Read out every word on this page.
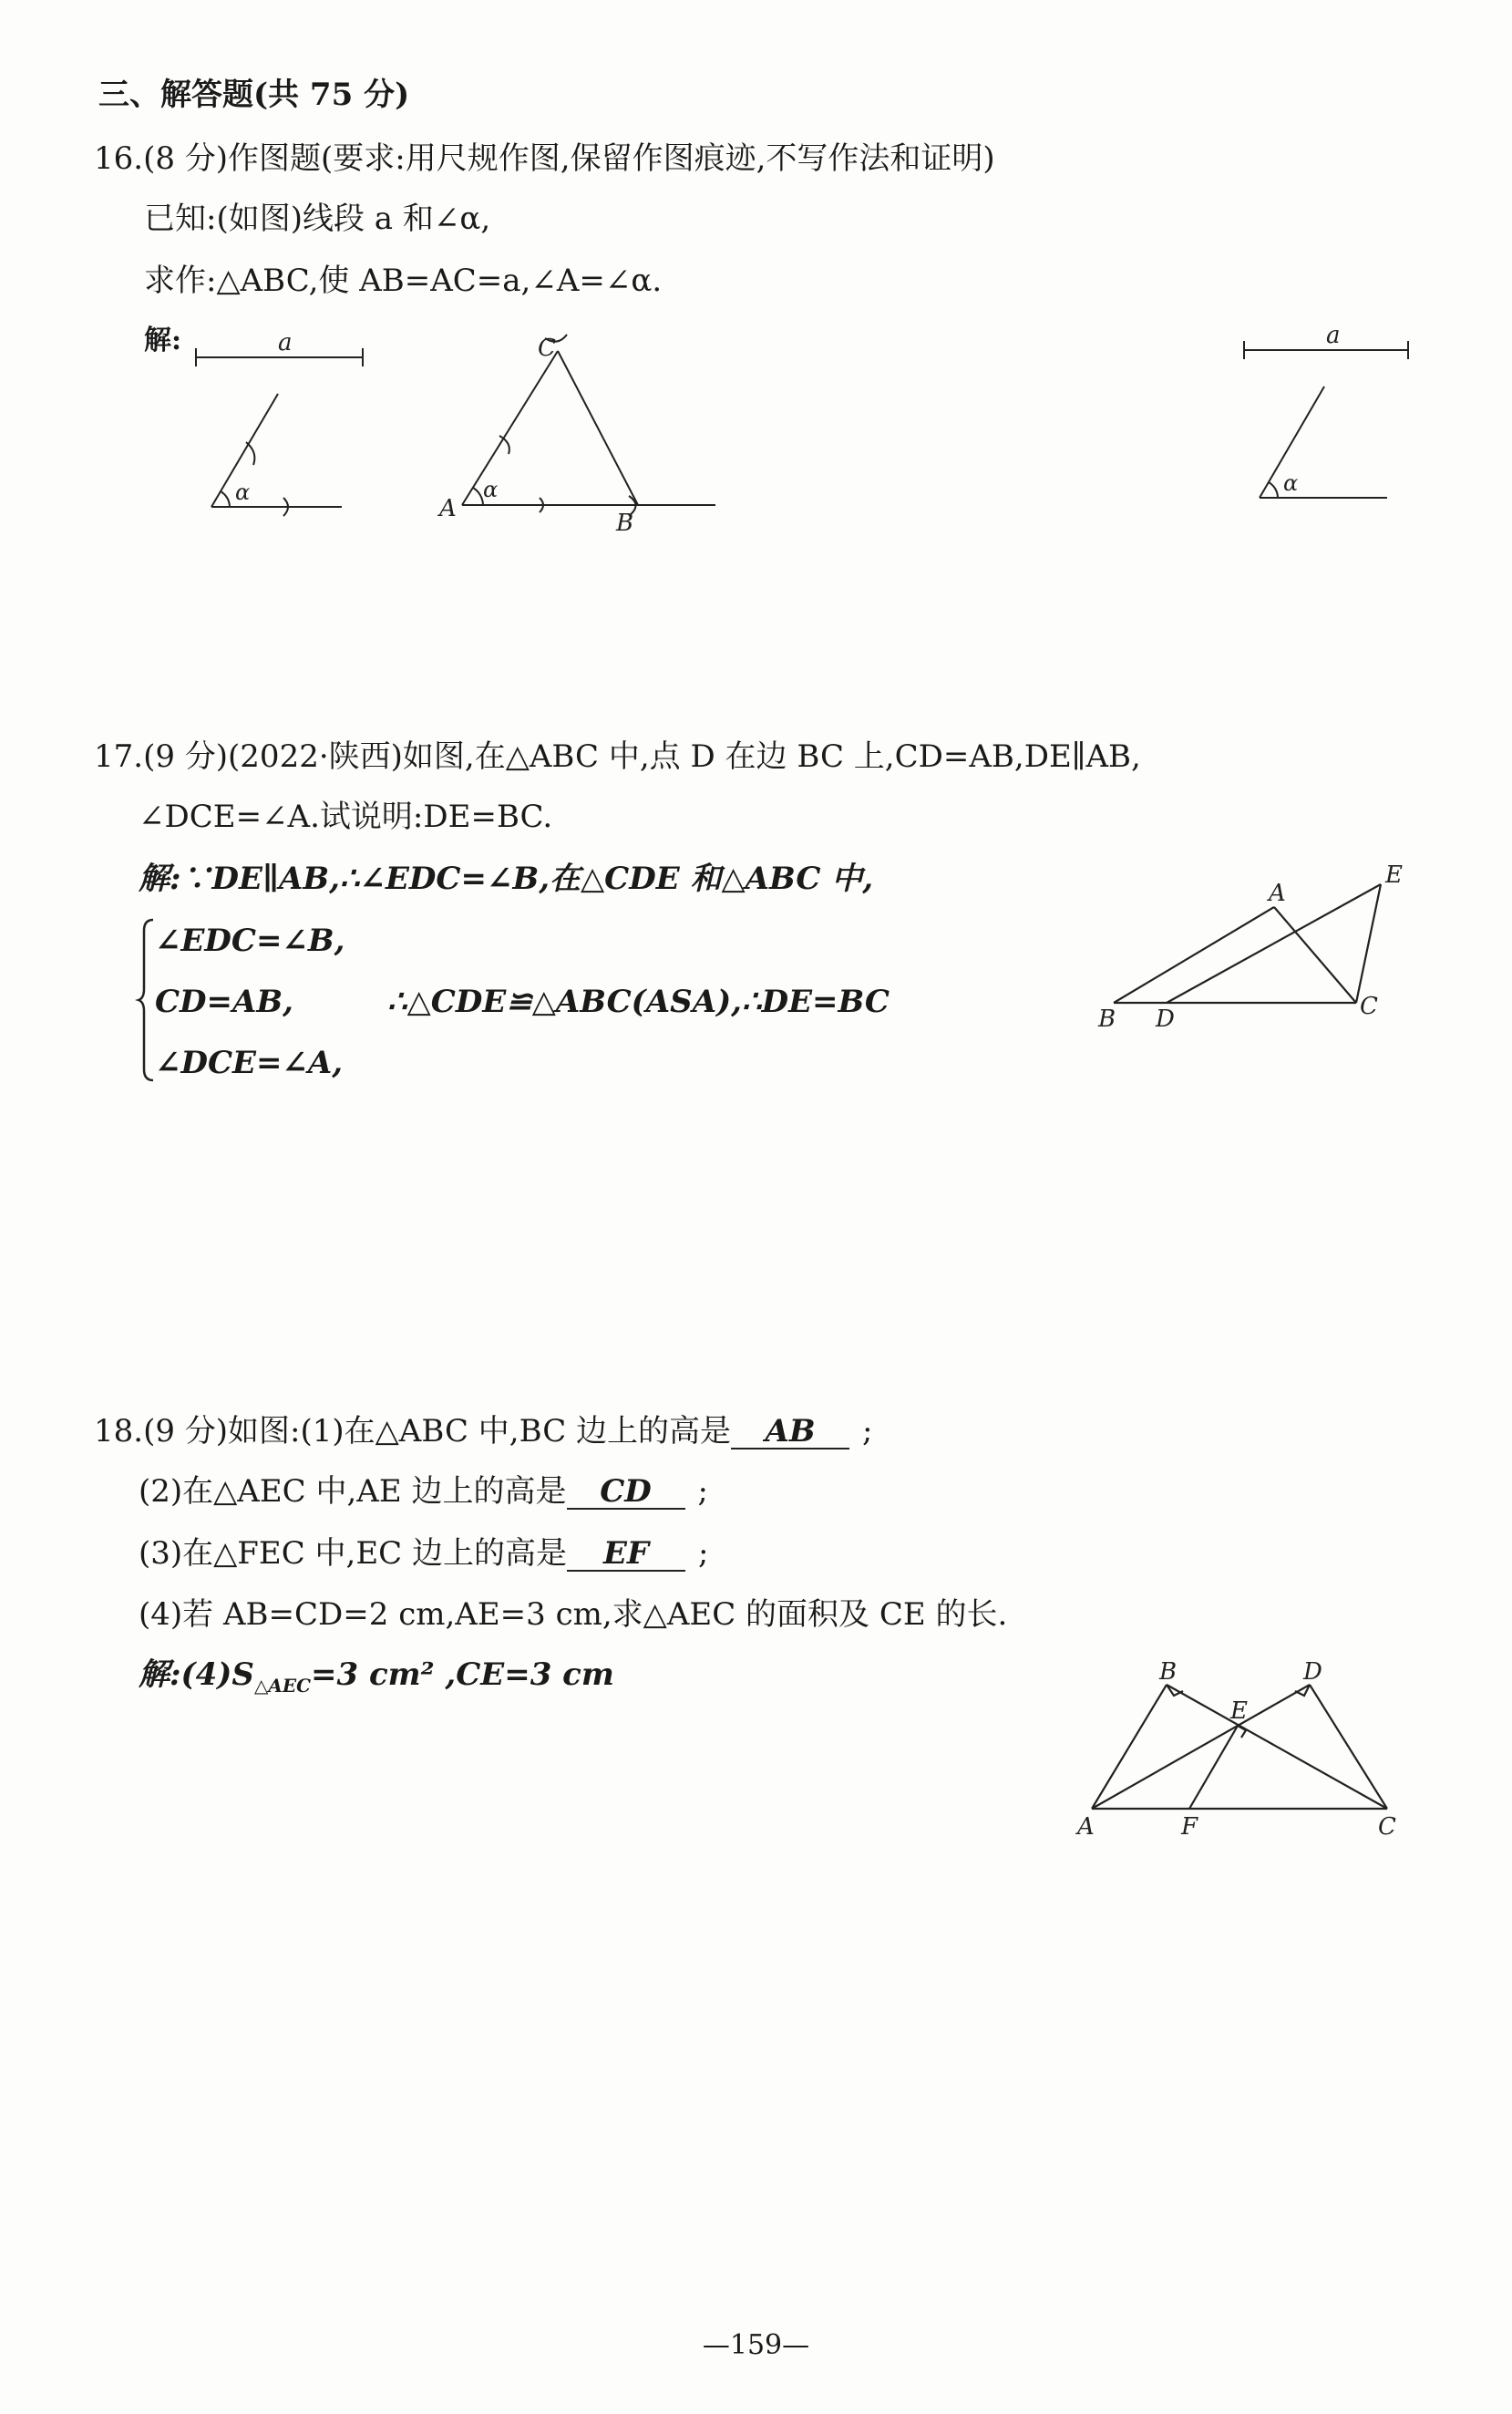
三、解答题(共 75 分)
16.(8 分)作图题(要求:用尺规作图,保留作图痕迹,不写作法和证明)
已知:(如图)线段 a 和∠α,
求作:△ABC,使 AB=AC=a,∠A=∠α.
解:	a
α
C
A
B
α
a
α
17.(9 分)(2022·陕西)如图,在△ABC 中,点 D 在边 BC 上,CD=AB,DE∥AB,
∠DCE=∠A.试说明:DE=BC.
解:∵DE∥AB,∴∠EDC=∠B,在△CDE 和△ABC 中,
∠EDC=∠B,
CD=AB,
∠DCE=∠A,
∴△CDE≌△ABC(ASA),∴DE=BC
A
E
B D	C
18.(9 分)如图:(1)在△ABC 中,BC 边上的高是 AB ;
(2)在△AEC 中,AE 边上的高是 CD ;
(3)在△FEC 中,EC 边上的高是 EF ;
(4)若 AB=CD=2 cm,AE=3 cm,求△AEC 的面积及 CE 的长.
解$:(4)S_{\triangle AEC}=3$ cm² ,CE=3 cm	B	D
E
A	F	C
—159—
